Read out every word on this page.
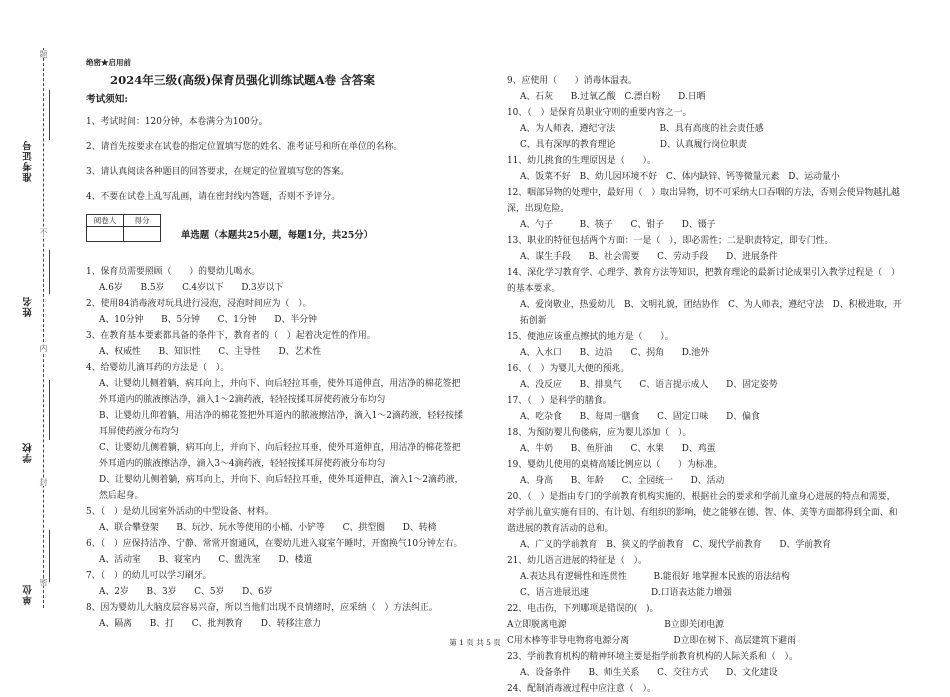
题
不
内
封
密
准考证号
姓名
学校
单位
绝密★启用前
2024年三级(高级)保育员强化训练试题A卷 含答案
考试须知:
1、考试时间：120分钟，本卷满分为100分。
2、请首先按要求在试卷的指定位置填写您的姓名、准考证号和所在单位的名称。
3、请认真阅读各种题目的回答要求，在规定的位置填写您的答案。
4、不要在试卷上乱写乱画，请在密封线内答题，否则不予评分。
阅卷人	得分

单选题（本题共25小题，每题1分，共25分）
1、保育员需要照顾（　　）的婴幼儿喝水。
A.6岁　　B.5岁　　C.4岁以下　　D.3岁以下
2、使用84消毒液对玩具进行浸泡，浸泡时间应为（　）。
A、10分钟　　B、5分钟　　C、1分钟　　D、半分钟
3、在教育基本要素都具备的条件下，教育者的（　）起着决定性的作用。
A、权威性　　B、知识性　　C、主导性　　D、艺术性
4、给婴幼儿滴耳药的方法是（　）。
A、让婴幼儿侧着躺，病耳向上，并向下、向后轻拉耳垂，使外耳道伸直，用洁净的棉花签把外耳道内的脓液擦洁净，滴入1～2滴药液，轻轻按揉耳屏使药液分布均匀
B、让婴幼儿仰着躺，用洁净的棉花签把外耳道内的脓液擦洁净，滴入1～2滴药液，轻轻按揉耳屏使药液分布均匀
C、让婴幼儿侧着躺，病耳向上，并向下、向后轻拉耳垂，使外耳道伸直，用洁净的棉花签把外耳道内的脓液擦洁净，滴入3～4滴药液，轻轻按揉耳屏使药液分布均匀
D、让婴幼儿侧着躺，病耳向上，并向下、向后轻拉耳垂，使外耳道伸直，滴入1～2滴药液，然后起身。
5、（　）是幼儿园室外活动的中型设备、材料。
A、联合攀登架　　B、玩沙、玩水等使用的小桶、小铲等　　C、拱型圈　　D、转椅
6、（　）应保持洁净、宁静、常常开窗通风，在婴幼儿进入寝室午睡时，开窗换气10分钟左右。
A、活动室　　B、寝室内　　C、盥洗室　　D、楼道
7、（　）的幼儿可以学习刷牙。
A、2岁　　B、3岁　　C、5岁　　D、6岁
8、因为婴幼儿大脑皮层容易兴奋，所以当他们出现不良情绪时，应采纳（　）方法纠正。
A、隔离　　B、打　　C、批判教育　　D、转移注意力
9、应使用（　　）消毒体温表。
A、石灰　　B.过氧乙酸　C.漂白粉　　D.日晒
10、（　）是保育员职业守则的重要内容之一。
A、为人师表，遵纪守法　　　　　B、具有高度的社会责任感
C、具有深厚的教育理论　　　　　D、认真履行岗位职责
11、幼儿挑食的生理原因是（　　）。
A、饭菜不好　B、幼儿园环境不好　C、体内缺锌、钙等微量元素　D、运动量小
12、咽部异物的处理中，最好用（　）取出异物，切不可采纳大口吞咽的方法，否则会使异物越扎越深，出现危险。
A、勺子　　　B、筷子　　C、钳子　　D、镊子
13、职业的特征包括两个方面：一是（　），即必需性；二是职责特定，即专门性。
A、谋生手段　　B、社会需要　　C、劳动手段　　D、进展条件
14、深化学习教育学、心理学、教育方法等知识，把教育理论的最新讨论成果引入教学过程是（　）的基本要求。
A、爱岗敬业，热爱幼儿　B、文明礼貌，团结协作　C、为人师表，遵纪守法　D、积极进取，开拓创新
15、便池应该重点擦拭的地方是（　　）。
A、入水口　　B、边沿　　C、拐角　　D.池外
16、（　）为婴儿大便的预兆。
A、没反应　　B、排臭气　　C、语言提示成人　　D、固定姿势
17、（　）是科学的膳食。
A、吃杂食　　B、每周一膳食　　C、固定口味　　D、偏食
18、为预防婴儿佝偻病，应为婴儿添加（　）。
A、牛奶　　B、鱼肝油　　C、水果　　D、鸡蛋
19、婴幼儿使用的桌椅高矮比例应以（　　）为标准。
A、身高　　B、年龄　　C、全园统一　　D、活动
20、（　）是指由专门的学前教育机构实施的，根据社会的要求和学前儿童身心进展的特点和需要，对学前儿童实施有目的、有计划、有组织的影响，使之能够在德、智、体、美等方面都得到全面、和谐进展的教育活动的总和。
A、广义的学前教育　B、狭义的学前教育　C、现代学前教育　　D、学前教育
21、幼儿语言进展的特征是（　）。
A.表达具有逻辑性和连贯性　　　B.能很好 地掌握本民族的语法结构
C、语言进展迅速　　　　　　　D.口语表达能力增强
22、电击伤，下列哪项是错误的(　)。
A立即脱离电源　　　　　　　　　　　B立即关闭电源
C用木棒等非导电物将电源分离　　　　　D立即在树下、高层建筑下避雨
23、学前教育机构的精神环境主要是指学前教育机构的人际关系和（　）。
A、设备条件　　B、师生关系　　C、交往方式　　D、文化建设
24、配制消毒液过程中应注意（　）。
第 1 页 共 5 页
